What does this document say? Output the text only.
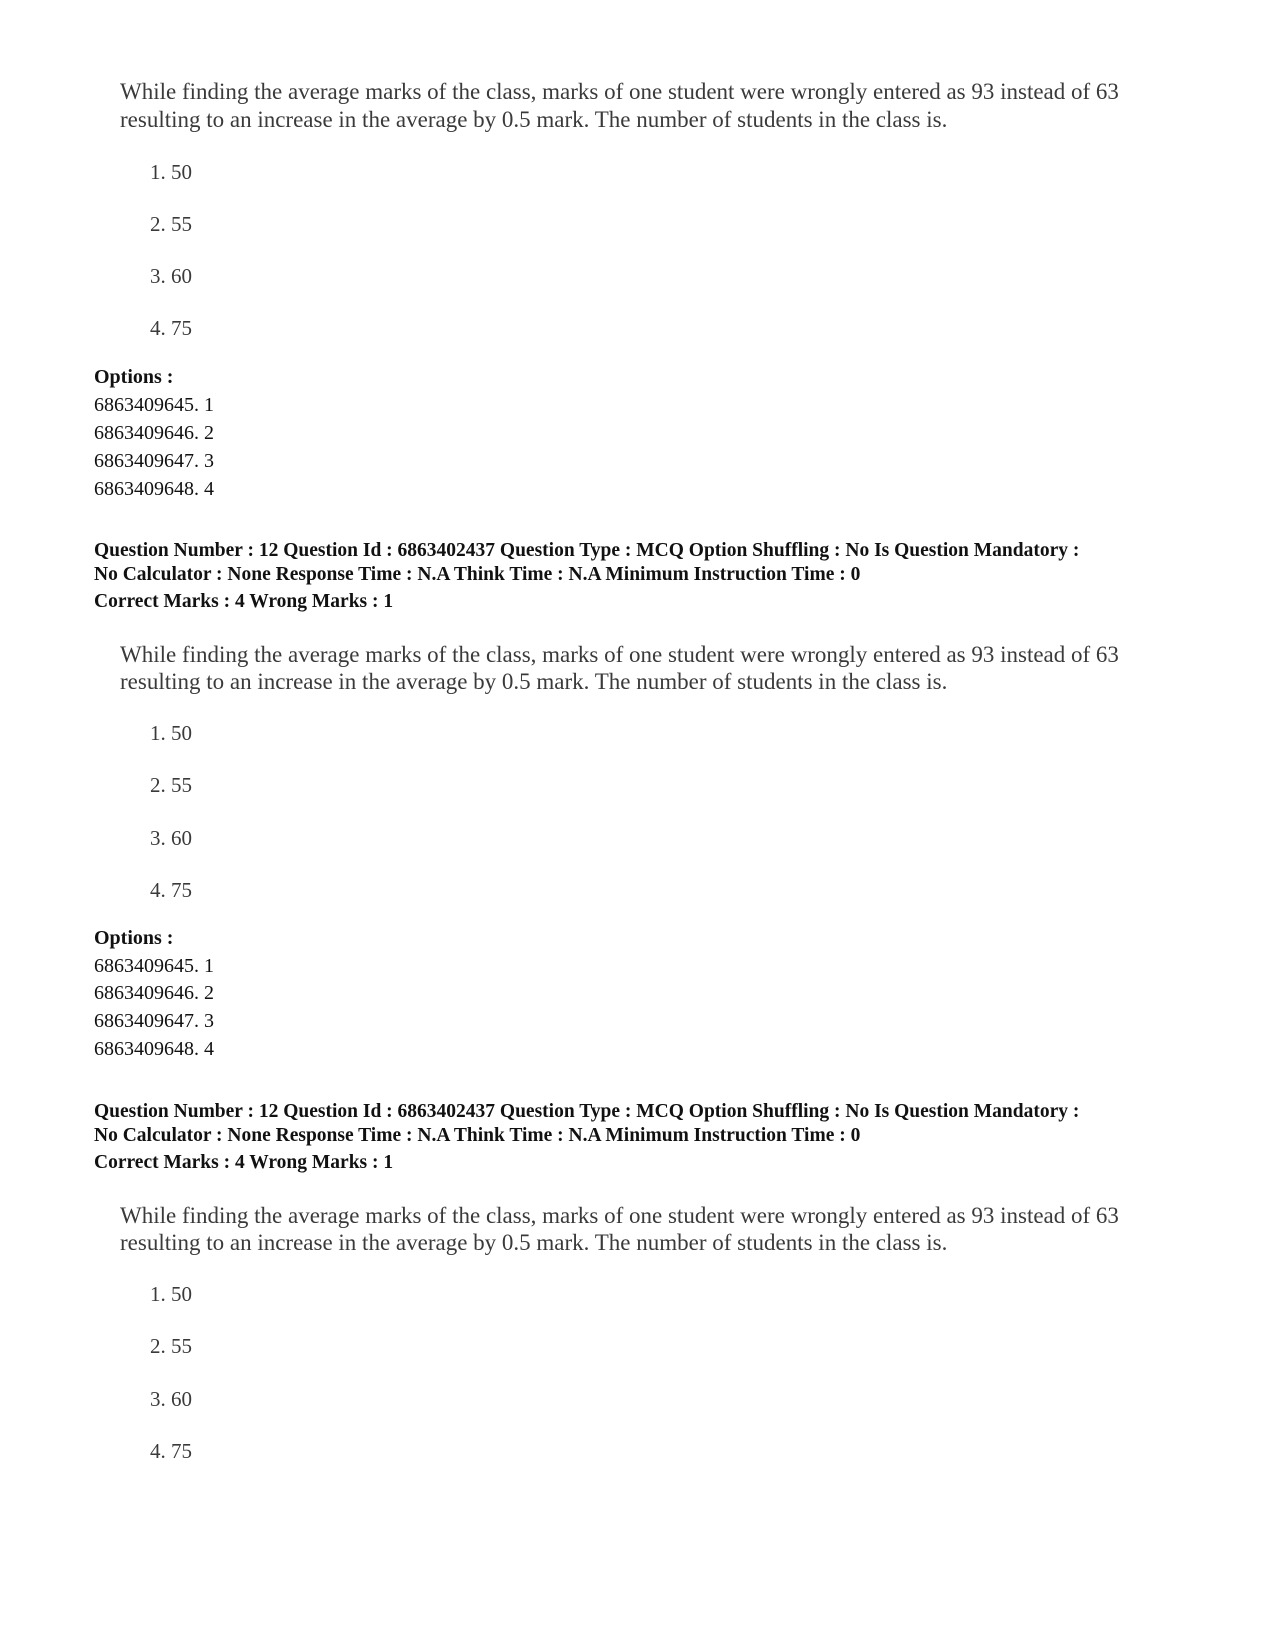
While finding the average marks of the class, marks of one student were wrongly entered as 93 instead of 63

resulting to an increase in the average by 0.5 mark. The number of students in the class is.

1. 50

2. 55

3. 60

4. 75

Options :

6863409645. 1

6863409646. 2

6863409647. 3

6863409648. 4

Question Number : 12 Question Id : 6863402437 Question Type : MCQ Option Shuffling : No Is Question Mandatory :

No Calculator : None Response Time : N.A Think Time : N.A Minimum Instruction Time : 0

Correct Marks : 4 Wrong Marks : 1

While finding the average marks of the class, marks of one student were wrongly entered as 93 instead of 63

resulting to an increase in the average by 0.5 mark. The number of students in the class is.

1. 50

2. 55

3. 60

4. 75

Options :

6863409645. 1

6863409646. 2

6863409647. 3

6863409648. 4

Question Number : 12 Question Id : 6863402437 Question Type : MCQ Option Shuffling : No Is Question Mandatory :

No Calculator : None Response Time : N.A Think Time : N.A Minimum Instruction Time : 0

Correct Marks : 4 Wrong Marks : 1

While finding the average marks of the class, marks of one student were wrongly entered as 93 instead of 63

resulting to an increase in the average by 0.5 mark. The number of students in the class is.

1. 50

2. 55

3. 60

4. 75
